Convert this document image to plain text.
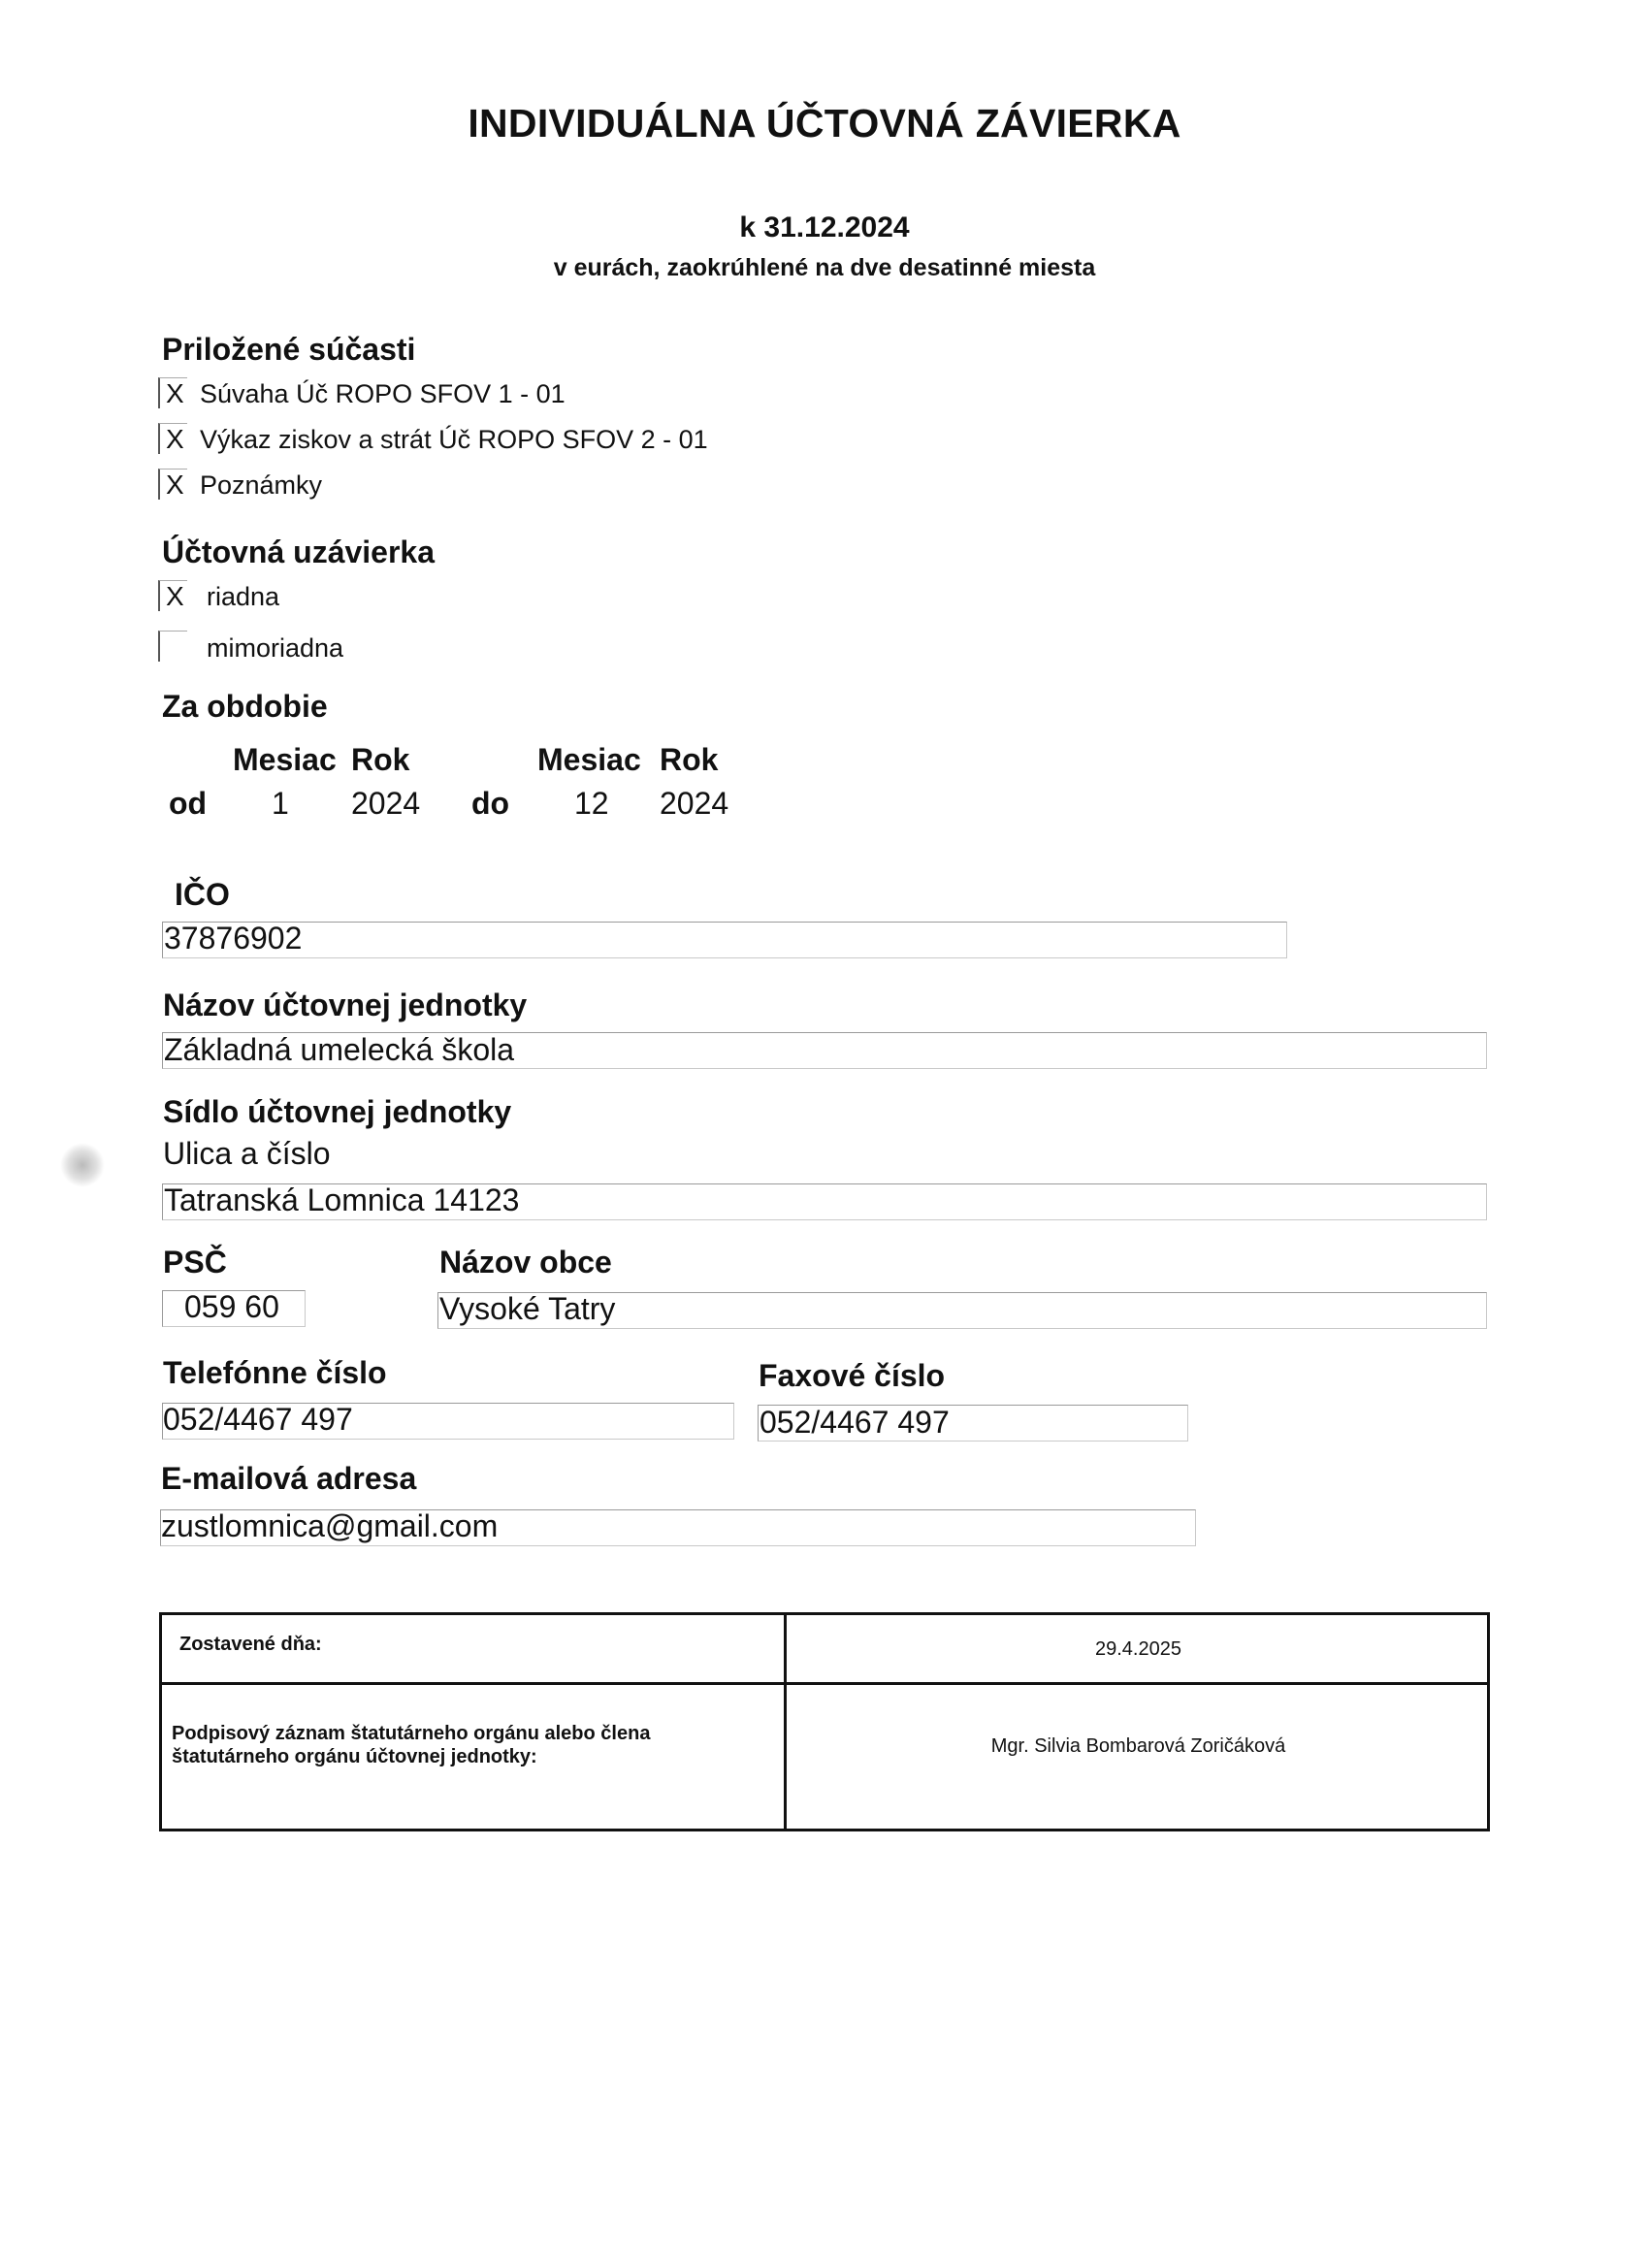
INDIVIDUÁLNA ÚČTOVNÁ ZÁVIERKA
k 31.12.2024
v eurách, zaokrúhlené na dve desatinné miesta
Priložené súčasti
X Súvaha Úč ROPO SFOV 1 - 01
X Výkaz ziskov a strát Úč ROPO SFOV 2 - 01
X Poznámky
Účtovná uzávierka
X riadna
mimoriadna
Za obdobie
Mesiac Rok	Mesiac Rok
od 1 2024 do 12 2024
IČO
37876902
Názov účtovnej jednotky
Základná umelecká škola
Sídlo účtovnej jednotky
Ulica a číslo
Tatranská Lomnica 14123
PSČ
059 60
Názov obce
Vysoké Tatry
Telefónne číslo
052/4467 497
Faxové číslo
052/4467 497
E-mailová adresa
zustlomnica@gmail.com
Zostavené dňa:	29.4.2025
Podpisový záznam štatutárneho orgánu alebo člena štatutárneho orgánu účtovnej jednotky:	Mgr. Silvia Bombarová Zoričáková
